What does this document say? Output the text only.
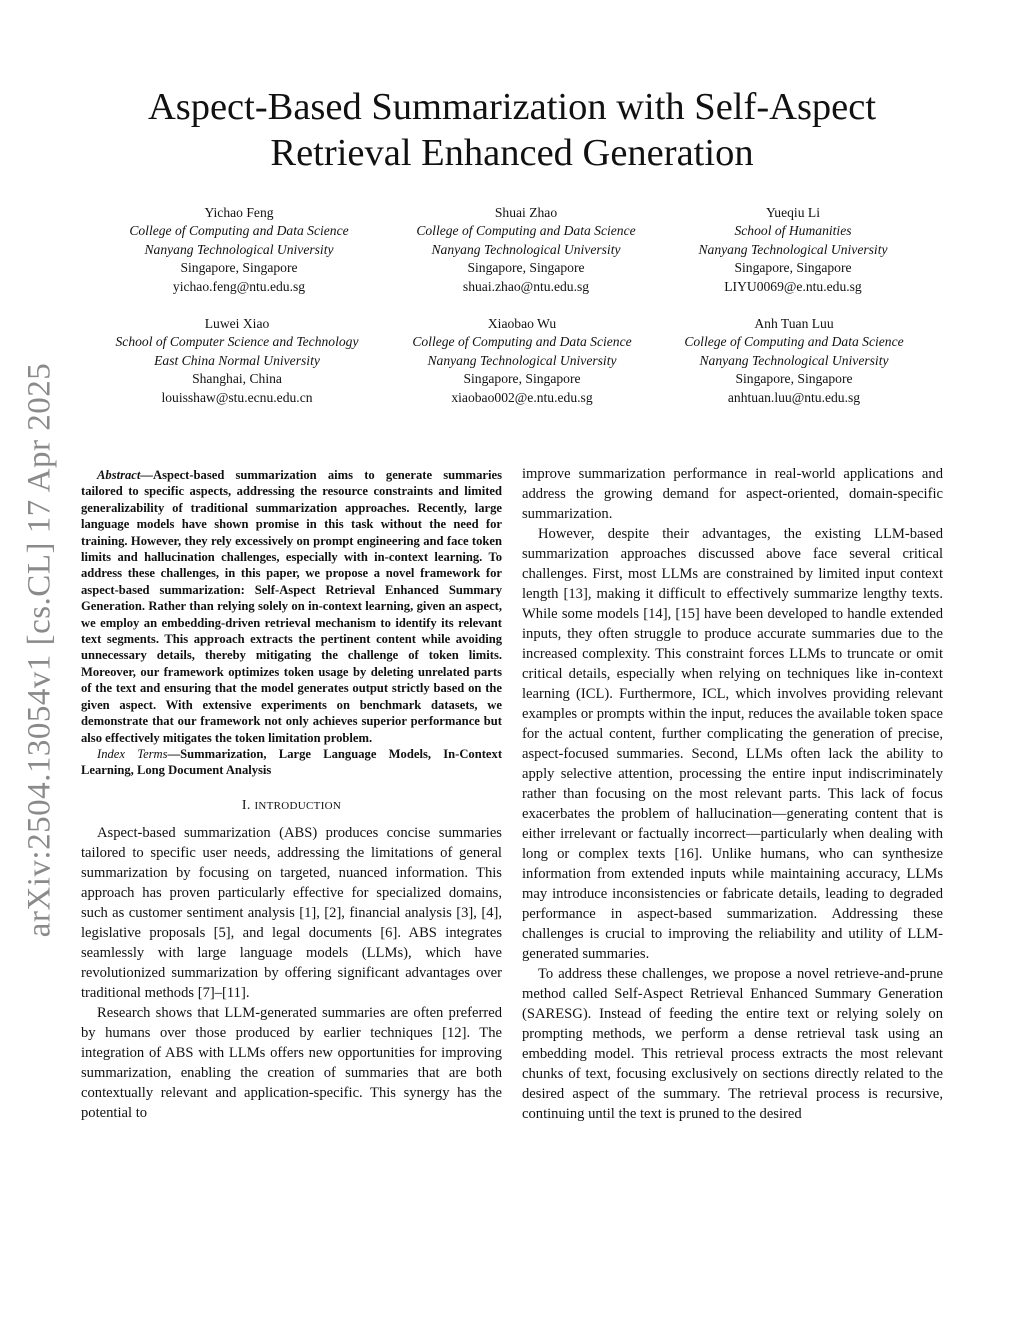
arXiv:2504.13054v1 [cs.CL] 17 Apr 2025
Aspect-Based Summarization with Self-Aspect
Retrieval Enhanced Generation
Yichao Feng
College of Computing and Data Science
Nanyang Technological University
Singapore, Singapore
yichao.feng@ntu.edu.sg
Shuai Zhao
College of Computing and Data Science
Nanyang Technological University
Singapore, Singapore
shuai.zhao@ntu.edu.sg
Yueqiu Li
School of Humanities
Nanyang Technological University
Singapore, Singapore
LIYU0069@e.ntu.edu.sg
Luwei Xiao
School of Computer Science and Technology
East China Normal University
Shanghai, China
louisshaw@stu.ecnu.edu.cn
Xiaobao Wu
College of Computing and Data Science
Nanyang Technological University
Singapore, Singapore
xiaobao002@e.ntu.edu.sg
Anh Tuan Luu
College of Computing and Data Science
Nanyang Technological University
Singapore, Singapore
anhtuan.luu@ntu.edu.sg

Abstract—Aspect-based summarization aims to generate summaries tailored to specific aspects, addressing the resource constraints and limited generalizability of traditional summarization approaches. Recently, large language models have shown promise in this task without the need for training. However, they rely excessively on prompt engineering and face token limits and hallucination challenges, especially with in-context learning. To address these challenges, in this paper, we propose a novel framework for aspect-based summarization: Self-Aspect Retrieval Enhanced Summary Generation. Rather than relying solely on in-context learning, given an aspect, we employ an embedding-driven retrieval mechanism to identify its relevant text segments. This approach extracts the pertinent content while avoiding unnecessary details, thereby mitigating the challenge of token limits. Moreover, our framework optimizes token usage by deleting unrelated parts of the text and ensuring that the model generates output strictly based on the given aspect. With extensive experiments on benchmark datasets, we demonstrate that our framework not only achieves superior performance but also effectively mitigates the token limitation problem.

Index Terms—Summarization, Large Language Models, In-Context Learning, Long Document Analysis

I. INTRODUCTION

Aspect-based summarization (ABS) produces concise summaries tailored to specific user needs, addressing the limitations of general summarization by focusing on targeted, nuanced information. This approach has proven particularly effective for specialized domains, such as customer sentiment analysis [1], [2], financial analysis [3], [4], legislative proposals [5], and legal documents [6]. ABS integrates seamlessly with large language models (LLMs), which have revolutionized summarization by offering significant advantages over traditional methods [7]–[11].

Research shows that LLM-generated summaries are often preferred by humans over those produced by earlier techniques [12]. The integration of ABS with LLMs offers new opportunities for improving summarization, enabling the creation of summaries that are both contextually relevant and application-specific. This synergy has the potential to

improve summarization performance in real-world applications and address the growing demand for aspect-oriented, domain-specific summarization.

However, despite their advantages, the existing LLM-based summarization approaches discussed above face several critical challenges. First, most LLMs are constrained by limited input context length [13], making it difficult to effectively summarize lengthy texts. While some models [14], [15] have been developed to handle extended inputs, they often struggle to produce accurate summaries due to the increased complexity. This constraint forces LLMs to truncate or omit critical details, especially when relying on techniques like in-context learning (ICL). Furthermore, ICL, which involves providing relevant examples or prompts within the input, reduces the available token space for the actual content, further complicating the generation of precise, aspect-focused summaries. Second, LLMs often lack the ability to apply selective attention, processing the entire input indiscriminately rather than focusing on the most relevant parts. This lack of focus exacerbates the problem of hallucination—generating content that is either irrelevant or factually incorrect—particularly when dealing with long or complex texts [16]. Unlike humans, who can synthesize information from extended inputs while maintaining accuracy, LLMs may introduce inconsistencies or fabricate details, leading to degraded performance in aspect-based summarization. Addressing these challenges is crucial to improving the reliability and utility of LLM-generated summaries.

To address these challenges, we propose a novel retrieve-and-prune method called Self-Aspect Retrieval Enhanced Summary Generation (SARESG). Instead of feeding the entire text or relying solely on prompting methods, we perform a dense retrieval task using an embedding model. This retrieval process extracts the most relevant chunks of text, focusing exclusively on sections directly related to the desired aspect of the summary. The retrieval process is recursive, continuing until the text is pruned to the desired
